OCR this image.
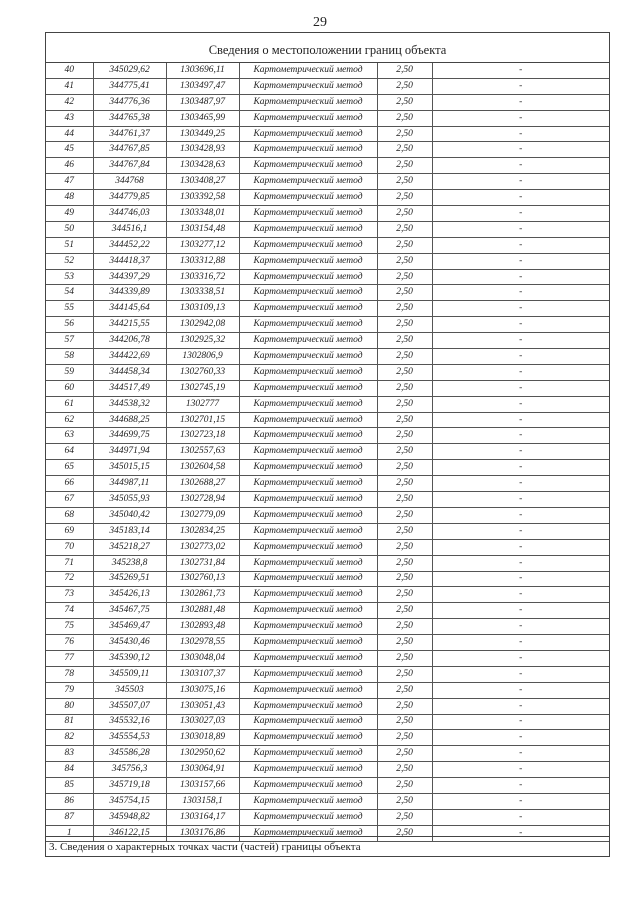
29
Сведения о местоположении границ объекта
40	345029,62	1303696,11	Картометрический метод	2,50	-
41	344775,41	1303497,47	Картометрический метод	2,50	-
42	344776,36	1303487,97	Картометрический метод	2,50	-
43	344765,38	1303465,99	Картометрический метод	2,50	-
44	344761,37	1303449,25	Картометрический метод	2,50	-
45	344767,85	1303428,93	Картометрический метод	2,50	-
46	344767,84	1303428,63	Картометрический метод	2,50	-
47	344768	1303408,27	Картометрический метод	2,50	-
48	344779,85	1303392,58	Картометрический метод	2,50	-
49	344746,03	1303348,01	Картометрический метод	2,50	-
50	344516,1	1303154,48	Картометрический метод	2,50	-
51	344452,22	1303277,12	Картометрический метод	2,50	-
52	344418,37	1303312,88	Картометрический метод	2,50	-
53	344397,29	1303316,72	Картометрический метод	2,50	-
54	344339,89	1303338,51	Картометрический метод	2,50	-
55	344145,64	1303109,13	Картометрический метод	2,50	-
56	344215,55	1302942,08	Картометрический метод	2,50	-
57	344206,78	1302925,32	Картометрический метод	2,50	-
58	344422,69	1302806,9	Картометрический метод	2,50	-
59	344458,34	1302760,33	Картометрический метод	2,50	-
60	344517,49	1302745,19	Картометрический метод	2,50	-
61	344538,32	1302777	Картометрический метод	2,50	-
62	344688,25	1302701,15	Картометрический метод	2,50	-
63	344699,75	1302723,18	Картометрический метод	2,50	-
64	344971,94	1302557,63	Картометрический метод	2,50	-
65	345015,15	1302604,58	Картометрический метод	2,50	-
66	344987,11	1302688,27	Картометрический метод	2,50	-
67	345055,93	1302728,94	Картометрический метод	2,50	-
68	345040,42	1302779,09	Картометрический метод	2,50	-
69	345183,14	1302834,25	Картометрический метод	2,50	-
70	345218,27	1302773,02	Картометрический метод	2,50	-
71	345238,8	1302731,84	Картометрический метод	2,50	-
72	345269,51	1302760,13	Картометрический метод	2,50	-
73	345426,13	1302861,73	Картометрический метод	2,50	-
74	345467,75	1302881,48	Картометрический метод	2,50	-
75	345469,47	1302893,48	Картометрический метод	2,50	-
76	345430,46	1302978,55	Картометрический метод	2,50	-
77	345390,12	1303048,04	Картометрический метод	2,50	-
78	345509,11	1303107,37	Картометрический метод	2,50	-
79	345503	1303075,16	Картометрический метод	2,50	-
80	345507,07	1303051,43	Картометрический метод	2,50	-
81	345532,16	1303027,03	Картометрический метод	2,50	-
82	345554,53	1303018,89	Картометрический метод	2,50	-
83	345586,28	1302950,62	Картометрический метод	2,50	-
84	345756,3	1303064,91	Картометрический метод	2,50	-
85	345719,18	1303157,66	Картометрический метод	2,50	-
86	345754,15	1303158,1	Картометрический метод	2,50	-
87	345948,82	1303164,17	Картометрический метод	2,50	-
1	346122,15	1303176,86	Картометрический метод	2,50	-
3. Сведения о характерных точках части (частей) границы объекта
